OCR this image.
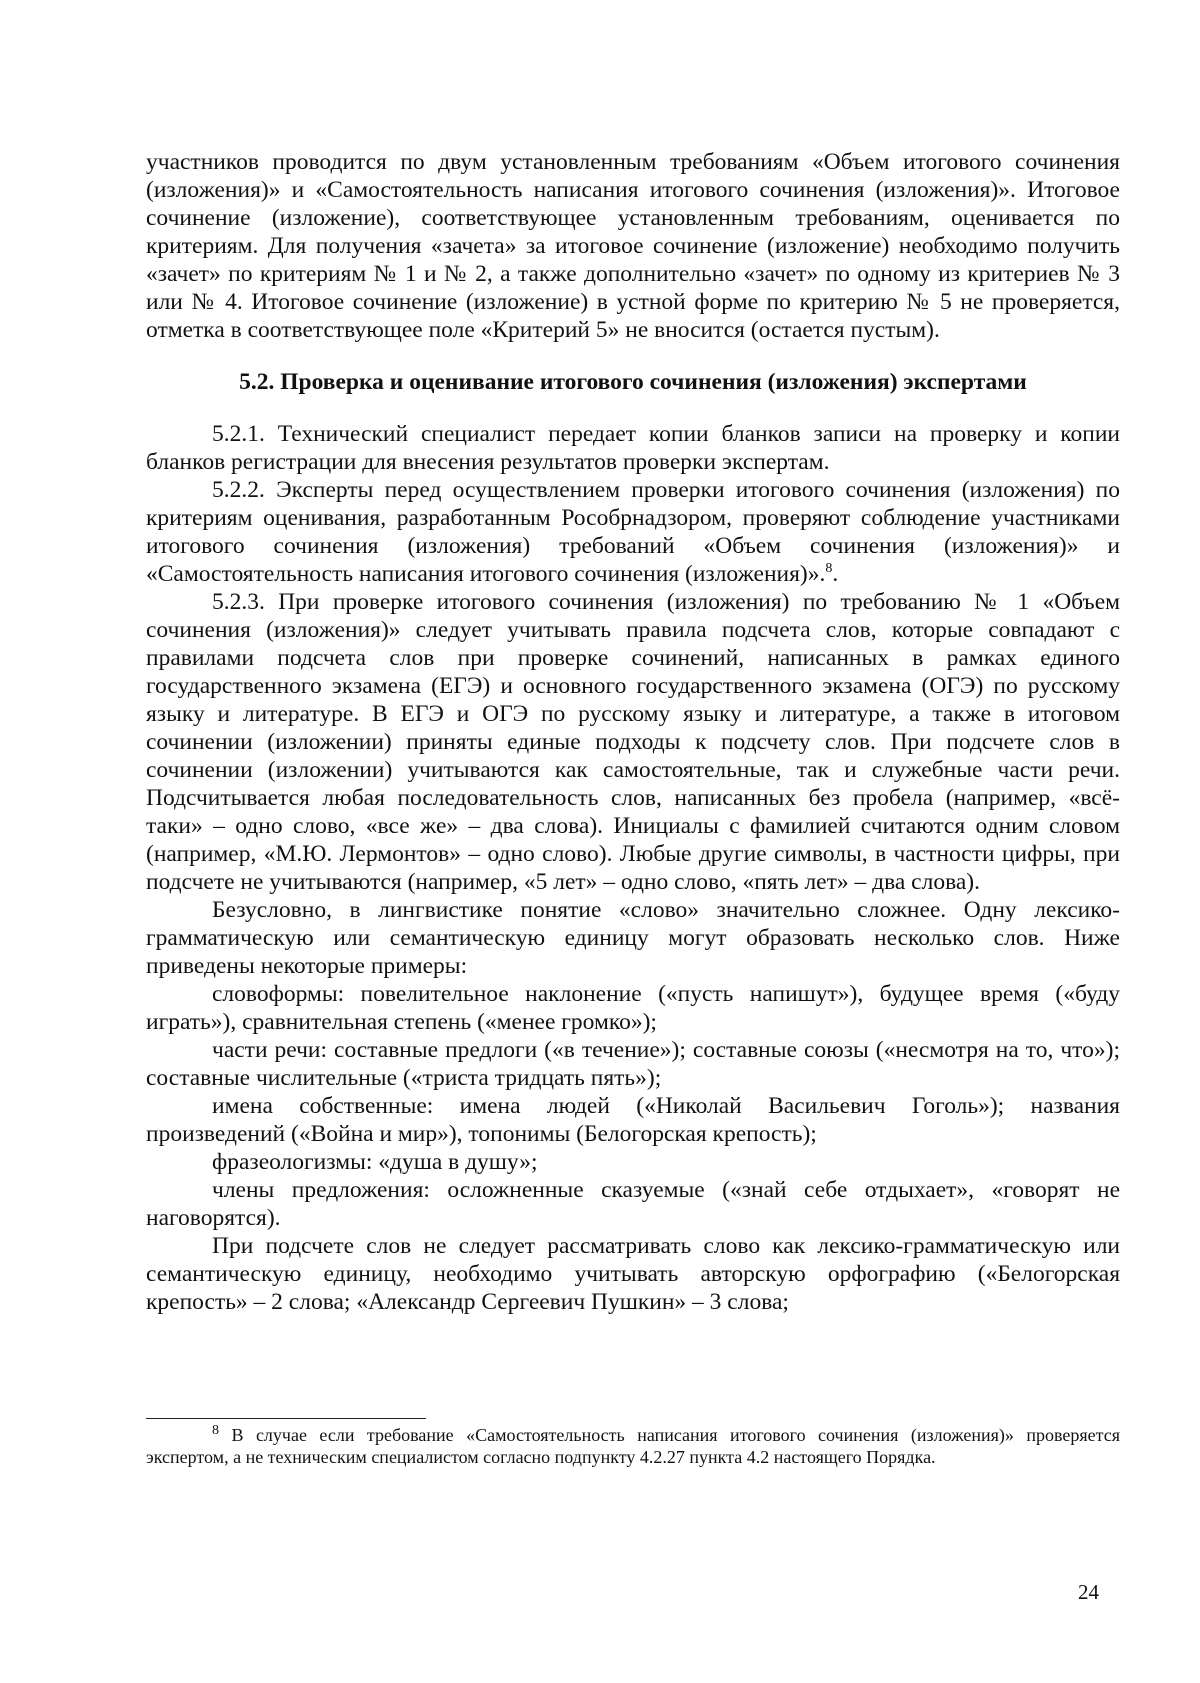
участников проводится по двум установленным требованиям «Объем итогового сочинения (изложения)» и «Самостоятельность написания итогового сочинения (изложения)». Итоговое сочинение (изложение), соответствующее установленным требованиям, оценивается по критериям. Для получения «зачета» за итоговое сочинение (изложение) необходимо получить «зачет» по критериям № 1 и № 2, а также дополнительно «зачет» по одному из критериев № 3 или № 4. Итоговое сочинение (изложение) в устной форме по критерию № 5 не проверяется, отметка в соответствующее поле «Критерий 5» не вносится (остается пустым).

5.2. Проверка и оценивание итогового сочинения (изложения) экспертами

5.2.1. Технический специалист передает копии бланков записи на проверку и копии бланков регистрации для внесения результатов проверки экспертам.

5.2.2. Эксперты перед осуществлением проверки итогового сочинения (изложения) по критериям оценивания, разработанным Рособрнадзором, проверяют соблюдение участниками итогового сочинения (изложения) требований «Объем сочинения (изложения)» и «Самостоятельность написания итогового сочинения (изложения)».$^8$.

5.2.3. При проверке итогового сочинения (изложения) по требованию № 1 «Объем сочинения (изложения)» следует учитывать правила подсчета слов, которые совпадают с правилами подсчета слов при проверке сочинений, написанных в рамках единого государственного экзамена (ЕГЭ) и основного государственного экзамена (ОГЭ) по русскому языку и литературе. В ЕГЭ и ОГЭ по русскому языку и литературе, а также в итоговом сочинении (изложении) приняты единые подходы к подсчету слов. При подсчете слов в сочинении (изложении) учитываются как самостоятельные, так и служебные части речи. Подсчитывается любая последовательность слов, написанных без пробела (например, «всё-таки» – одно слово, «все же» – два слова). Инициалы с фамилией считаются одним словом (например, «М.Ю. Лермонтов» – одно слово). Любые другие символы, в частности цифры, при подсчете не учитываются (например, «5 лет» – одно слово, «пять лет» – два слова).

Безусловно, в лингвистике понятие «слово» значительно сложнее. Одну лексико-грамматическую или семантическую единицу могут образовать несколько слов. Ниже приведены некоторые примеры:

словоформы: повелительное наклонение («пусть напишут»), будущее время («буду играть»), сравнительная степень («менее громко»);

части речи: составные предлоги («в течение»); составные союзы («несмотря на то, что»); составные числительные («триста тридцать пять»);

имена собственные: имена людей («Николай Васильевич Гоголь»); названия произведений («Война и мир»), топонимы (Белогорская крепость);

фразеологизмы: «душа в душу»;

члены предложения: осложненные сказуемые («знай себе отдыхает», «говорят не наговорятся).

При подсчете слов не следует рассматривать слово как лексико-грамматическую или семантическую единицу, необходимо учитывать авторскую орфографию («Белогорская крепость» – 2 слова; «Александр Сергеевич Пушкин» – 3 слова;

$^8$ В случае если требование «Самостоятельность написания итогового сочинения (изложения)» проверяется экспертом, а не техническим специалистом согласно подпункту 4.2.27 пункта 4.2 настоящего Порядка.

24
